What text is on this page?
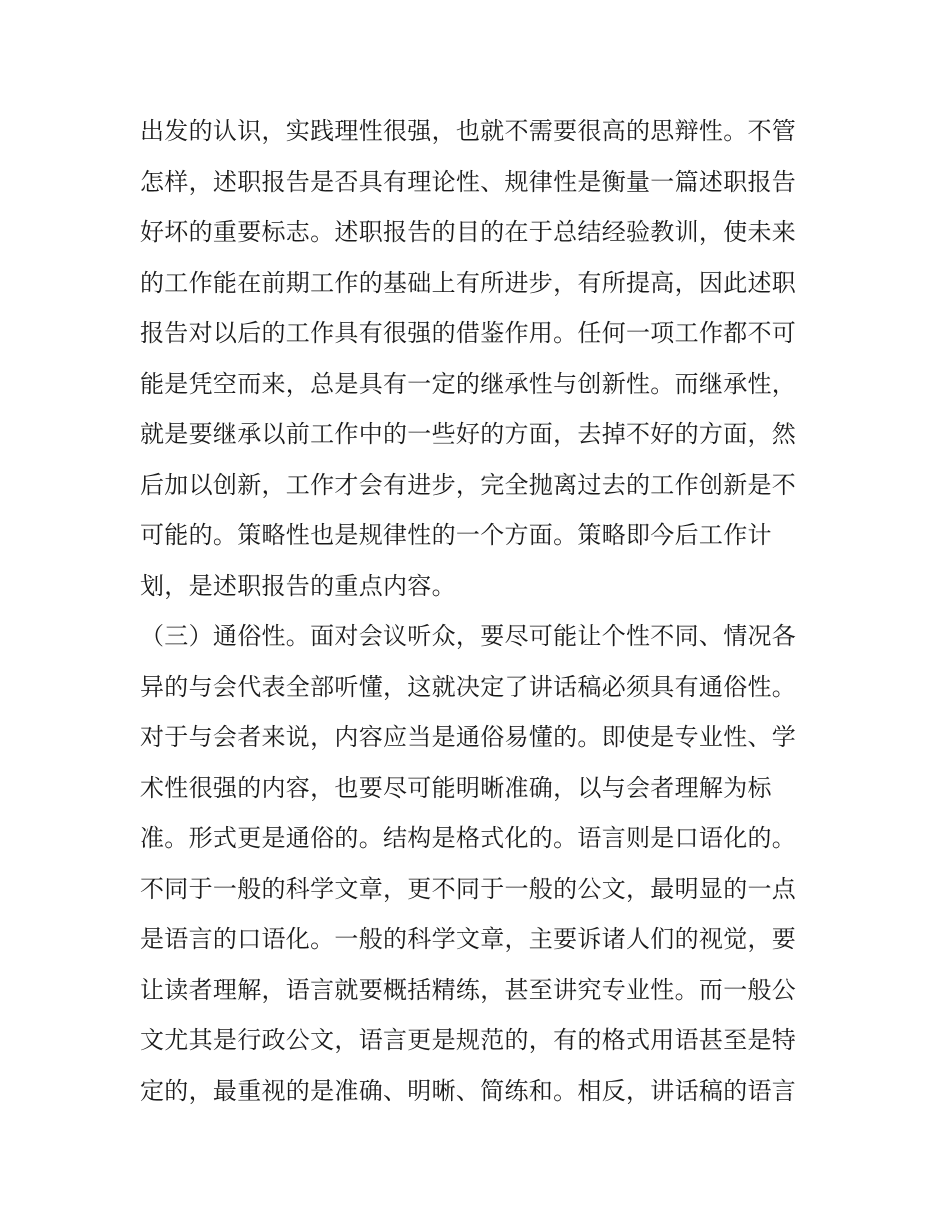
出发的认识，实践理性很强，也就不需要很高的思辩性。不管
怎样，述职报告是否具有理论性、规律性是衡量一篇述职报告
好坏的重要标志。述职报告的目的在于总结经验教训，使未来
的工作能在前期工作的基础上有所进步，有所提高，因此述职
报告对以后的工作具有很强的借鉴作用。任何一项工作都不可
能是凭空而来，总是具有一定的继承性与创新性。而继承性，
就是要继承以前工作中的一些好的方面，去掉不好的方面，然
后加以创新，工作才会有进步，完全抛离过去的工作创新是不
可能的。策略性也是规律性的一个方面。策略即今后工作计
划，是述职报告的重点内容。
（三）通俗性。面对会议听众，要尽可能让个性不同、情况各
异的与会代表全部听懂，这就决定了讲话稿必须具有通俗性。
对于与会者来说，内容应当是通俗易懂的。即使是专业性、学
术性很强的内容，也要尽可能明晰准确，以与会者理解为标
准。形式更是通俗的。结构是格式化的。语言则是口语化的。
不同于一般的科学文章，更不同于一般的公文，最明显的一点
是语言的口语化。一般的科学文章，主要诉诸人们的视觉，要
让读者理解，语言就要概括精练，甚至讲究专业性。而一般公
文尤其是行政公文，语言更是规范的，有的格式用语甚至是特
定的，最重视的是准确、明晰、简练和。相反，讲话稿的语言
